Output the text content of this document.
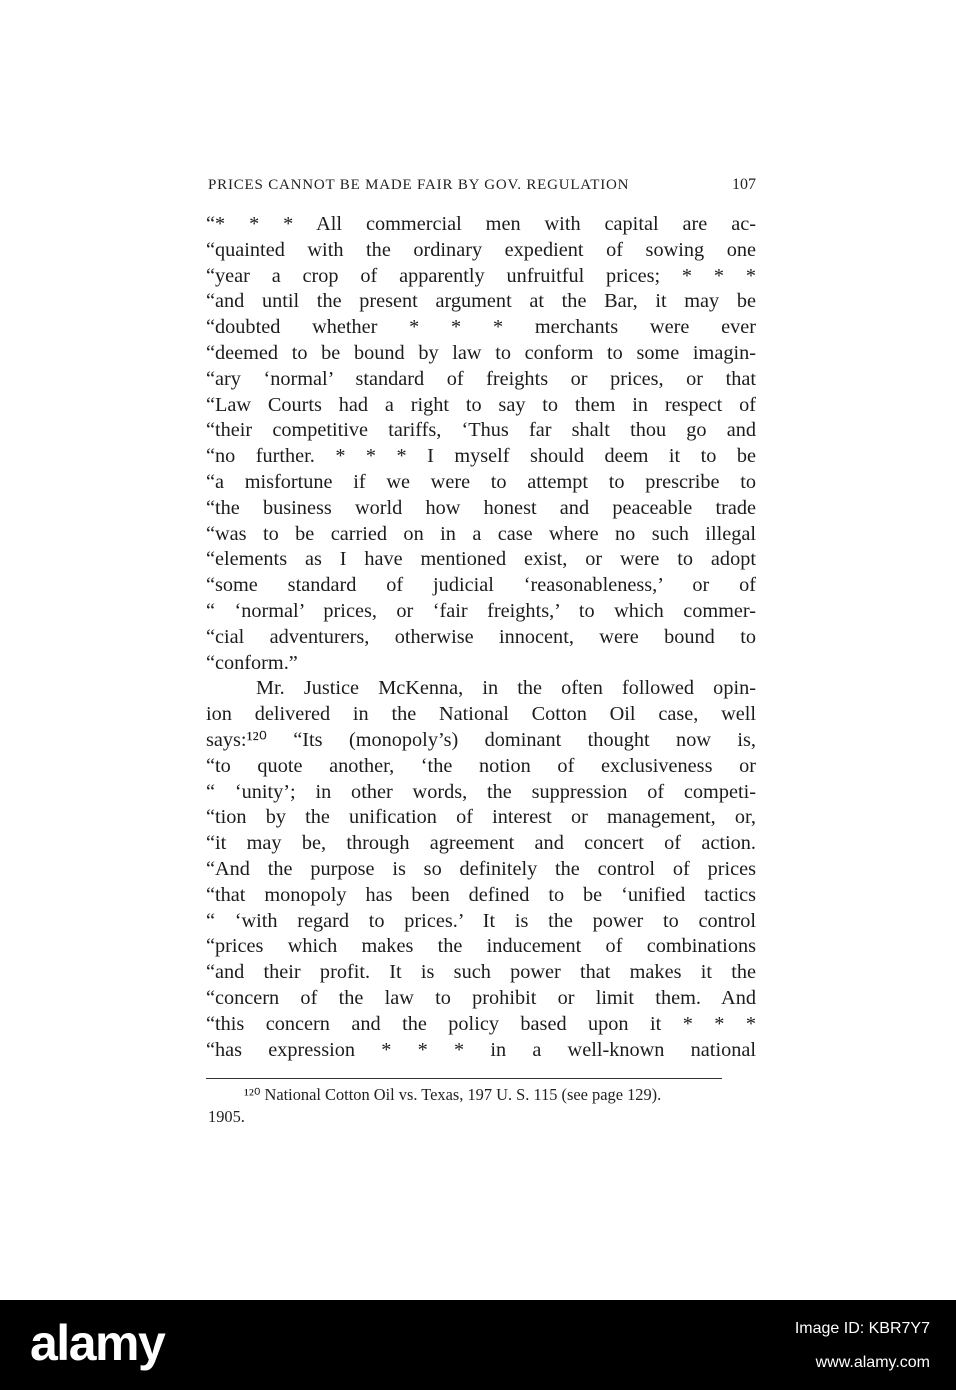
PRICES CANNOT BE MADE FAIR BY GOV. REGULATION	107
“* * * All commercial men with capital are ac-
“quainted with the ordinary expedient of sowing one
“year a crop of apparently unfruitful prices; * * *
“and until the present argument at the Bar, it may be
“doubted whether * * * merchants were ever
“deemed to be bound by law to conform to some imagin-
“ary ‘normal’ standard of freights or prices, or that
“Law Courts had a right to say to them in respect of
“their competitive tariffs, ‘Thus far shalt thou go and
“no further. * * * I myself should deem it to be
“a misfortune if we were to attempt to prescribe to
“the business world how honest and peaceable trade
“was to be carried on in a case where no such illegal
“elements as I have mentioned exist, or were to adopt
“some standard of judicial ‘reasonableness,’ or of
“ ‘normal’ prices, or ‘fair freights,’ to which commer-
“cial adventurers, otherwise innocent, were bound to
“conform.”
Mr. Justice McKenna, in the often followed opin-
ion delivered in the National Cotton Oil case, well
says:¹²⁰ “Its (monopoly’s) dominant thought now is,
“to quote another, ‘the notion of exclusiveness or
“ ‘unity’; in other words, the suppression of competi-
“tion by the unification of interest or management, or,
“it may be, through agreement and concert of action.
“And the purpose is so definitely the control of prices
“that monopoly has been defined to be ‘unified tactics
“ ‘with regard to prices.’ It is the power to control
“prices which makes the inducement of combinations
“and their profit. It is such power that makes it the
“concern of the law to prohibit or limit them. And
“this concern and the policy based upon it * * *
“has expression * * * in a well-known national
¹²⁰ National Cotton Oil vs. Texas, 197 U. S. 115 (see page 129).
1905.
alamy	Image ID: KBR7Y7
www.alamy.com
